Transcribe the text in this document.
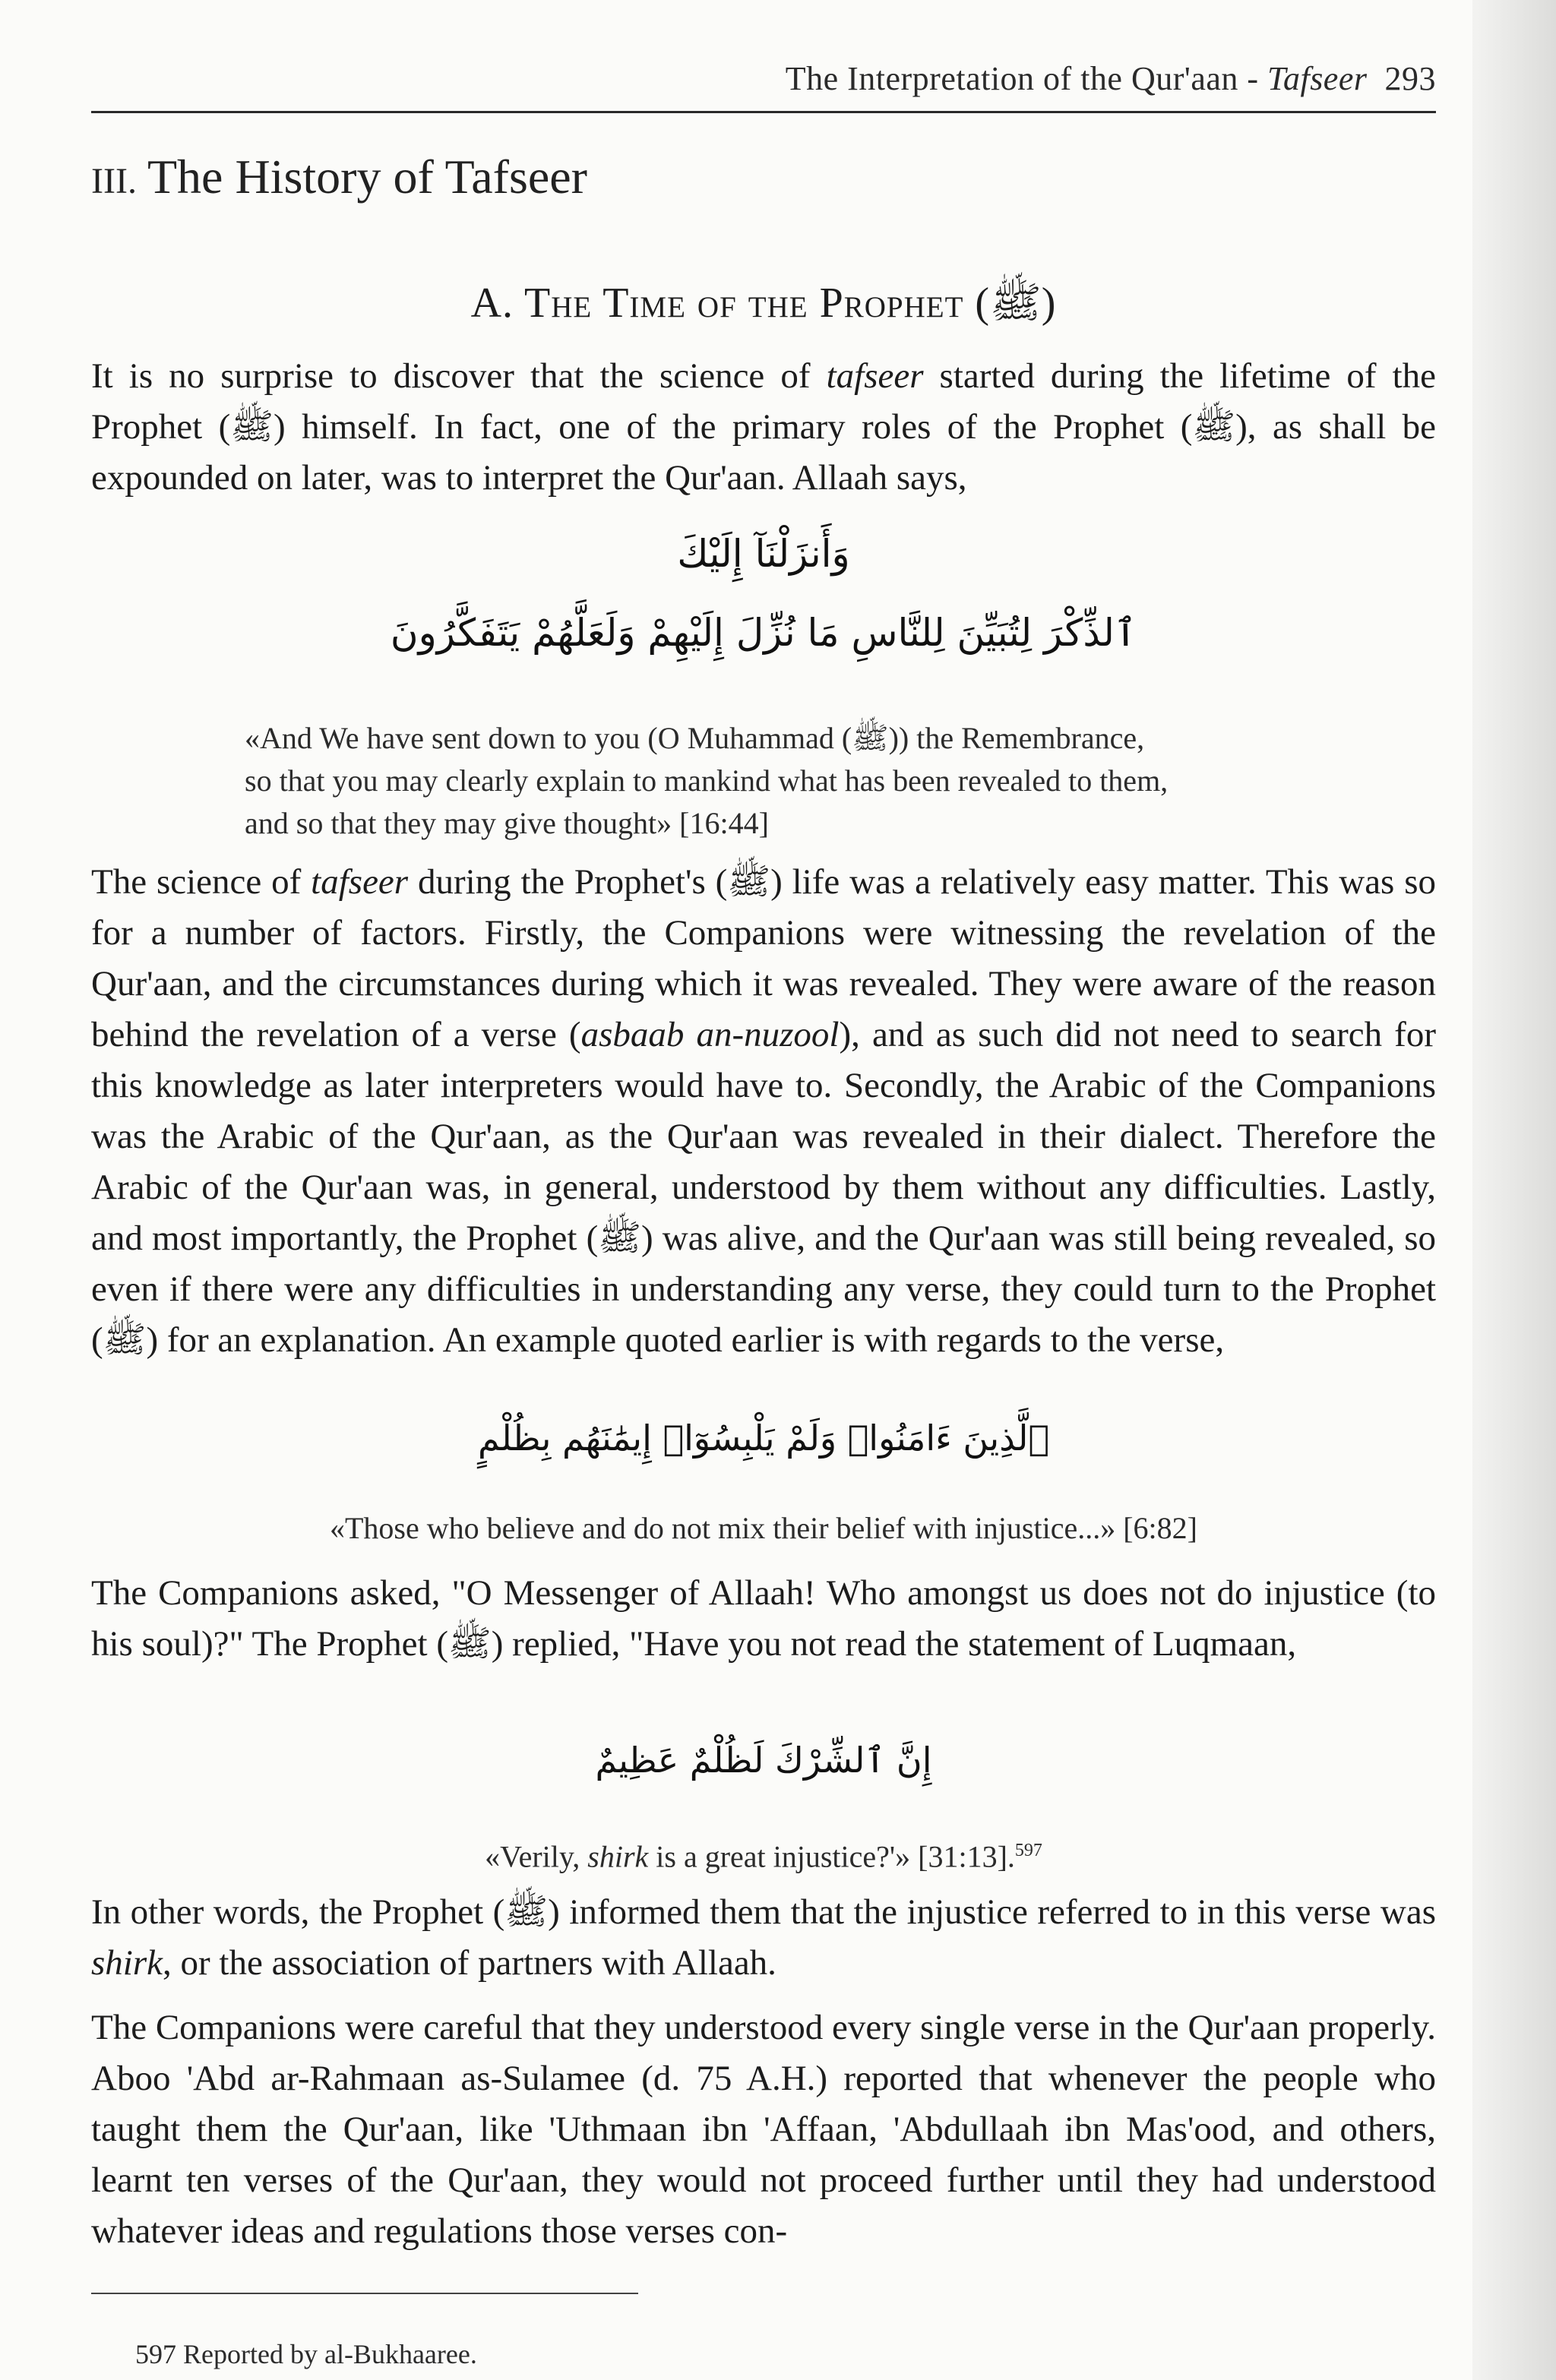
The Interpretation of the Qur'aan - Tafseer 293
III. The History of Tafseer
A. The Time of the Prophet (ﷺ)

It is no surprise to discover that the science of tafseer started during the lifetime of the Prophet (ﷺ) himself. In fact, one of the primary roles of the Prophet (ﷺ), as shall be expounded on later, was to interpret the Qur'aan. Allaah says,

وَأَنزَلْنَآ إِلَيْكَ
ٱلذِّكْرَ لِتُبَيِّنَ لِلنَّاسِ مَا نُزِّلَ إِلَيْهِمْ وَلَعَلَّهُمْ يَتَفَكَّرُونَ
«And We have sent down to you (O Muhammad (ﷺ)) the Remembrance,
so that you may clearly explain to mankind what has been revealed to them,
and so that they may give thought» [16:44]

The science of tafseer during the Prophet's (ﷺ) life was a relatively easy matter. This was so for a number of factors. Firstly, the Companions were witnessing the revelation of the Qur'aan, and the circumstances during which it was revealed. They were aware of the reason behind the revelation of a verse (asbaab an-nuzool), and as such did not need to search for this knowledge as later interpreters would have to. Secondly, the Arabic of the Companions was the Arabic of the Qur'aan, as the Qur'aan was revealed in their dialect. Therefore the Arabic of the Qur'aan was, in general, understood by them without any difficulties. Lastly, and most importantly, the Prophet (ﷺ) was alive, and the Qur'aan was still being revealed, so even if there were any difficulties in understanding any verse, they could turn to the Prophet (ﷺ) for an explanation. An example quoted earlier is with regards to the verse,

ٱلَّذِينَ ءَامَنُوا۟ وَلَمْ يَلْبِسُوٓا۟ إِيمَٰنَهُم بِظُلْمٍ
«Those who believe and do not mix their belief with injustice...» [6:82]

The Companions asked, "O Messenger of Allaah! Who amongst us does not do injustice (to his soul)?" The Prophet (ﷺ) replied, "Have you not read the statement of Luqmaan,

إِنَّ ٱلشِّرْكَ لَظُلْمٌ عَظِيمٌ
«Verily, shirk is a great injustice?'» [31:13].$^{597}$

In other words, the Prophet (ﷺ) informed them that the injustice referred to in this verse was shirk, or the association of partners with Allaah.

The Companions were careful that they understood every single verse in the Qur'aan properly. Aboo 'Abd ar-Rahmaan as-Sulamee (d. 75 A.H.) reported that whenever the people who taught them the Qur'aan, like 'Uthmaan ibn 'Affaan, 'Abdullaah ibn Mas'ood, and others, learnt ten verses of the Qur'aan, they would not proceed further until they had understood whatever ideas and regulations those verses con-

597 Reported by al-Bukhaaree.
